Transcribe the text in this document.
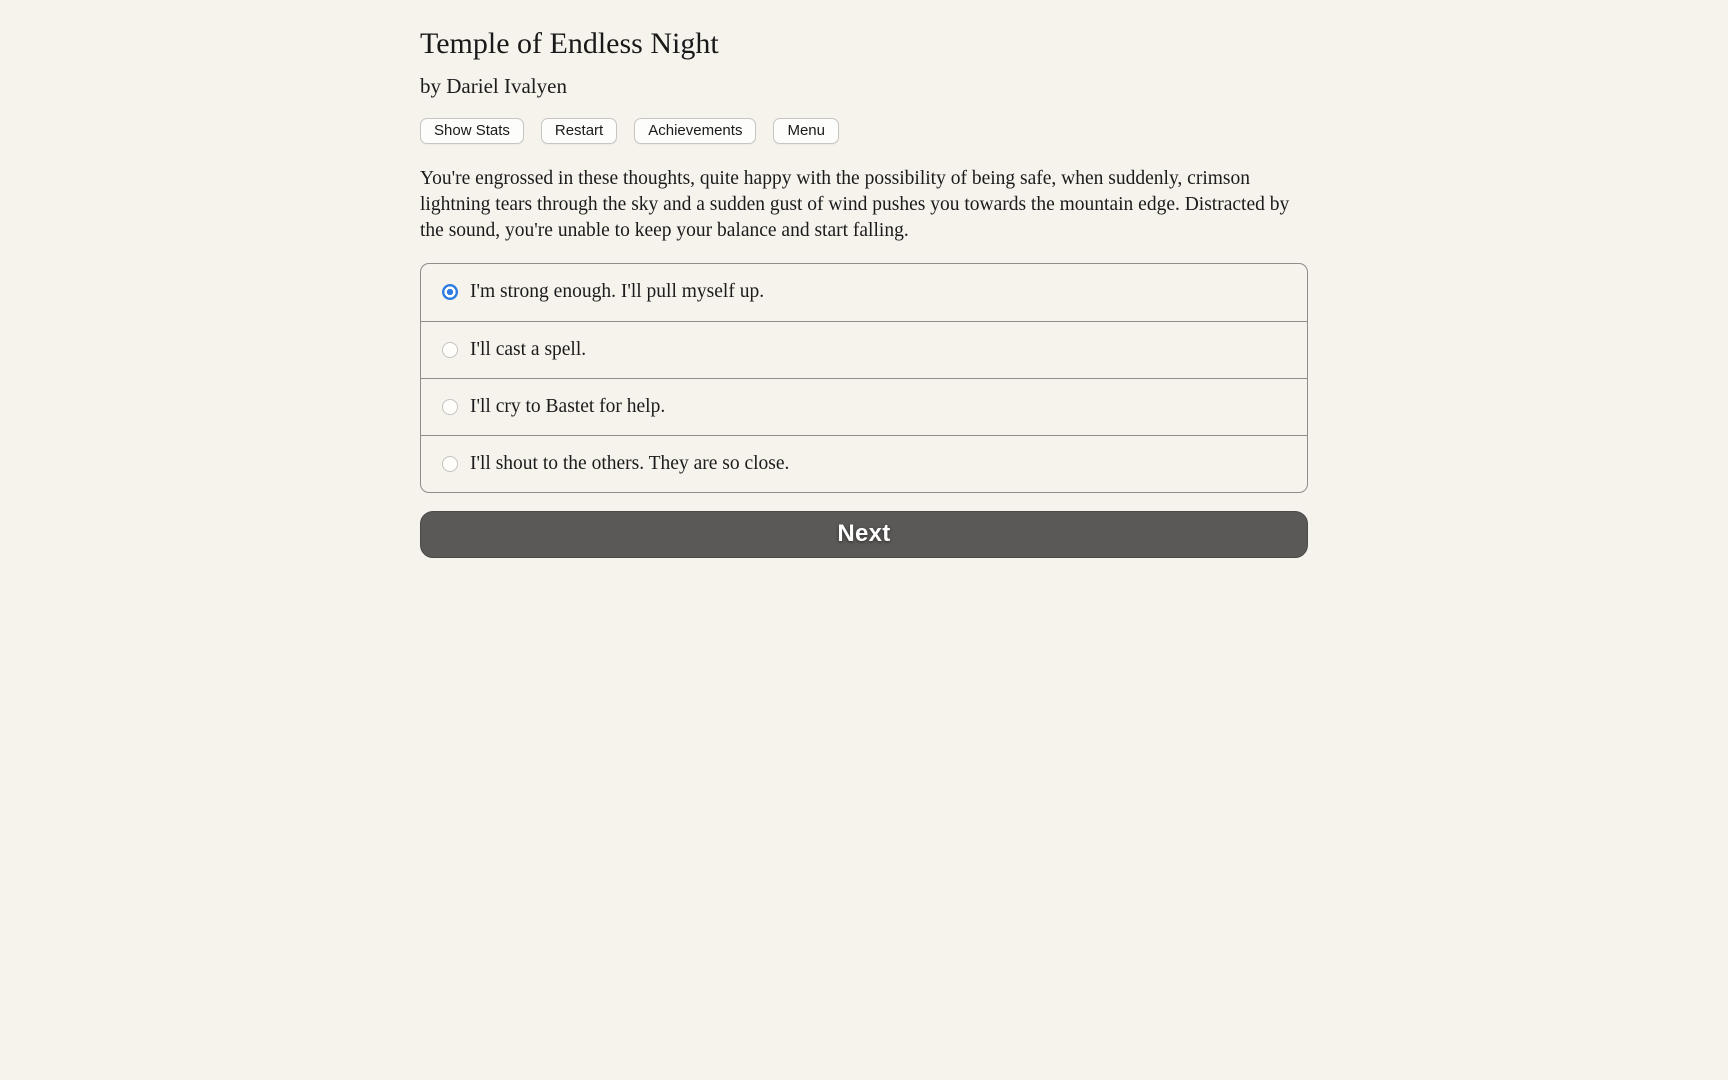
Temple of Endless Night
by Dariel Ivalyen
Show Stats	Restart	Achievements	Menu

You're engrossed in these thoughts, quite happy with the possibility of being safe, when suddenly, crimson lightning tears through the sky and a sudden gust of wind pushes you towards the mountain edge. Distracted by the sound, you're unable to keep your balance and start falling.

I'm strong enough. I'll pull myself up.
I'll cast a spell.
I'll cry to Bastet for help.
I'll shout to the others. They are so close.
Next
